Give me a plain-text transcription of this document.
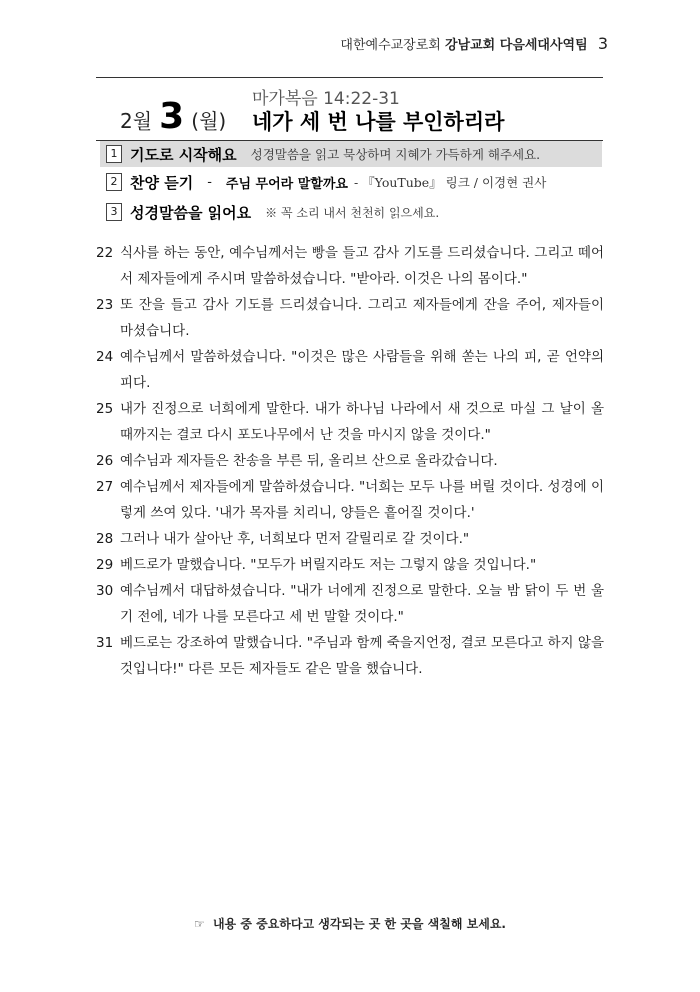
대한예수교장로회 강남교회 다음세대사역팀 3
2월 3 (월)
마가복음 14:22-31
네가 세 번 나를 부인하리라
1 기도로 시작해요 성경말씀을 읽고 묵상하며 지혜가 가득하게 해주세요.
2 찬양 듣기 - 주님 무어라 말할까요 - 『YouTube』 링크 / 이경현 권사
3 성경말씀을 읽어요 ※ 꼭 소리 내서 천천히 읽으세요.
22 식사를 하는 동안, 예수님께서는 빵을 들고 감사 기도를 드리셨습니다. 그리고 떼어서 제자들에게 주시며 말씀하셨습니다. "받아라. 이것은 나의 몸이다."
23 또 잔을 들고 감사 기도를 드리셨습니다. 그리고 제자들에게 잔을 주어, 제자들이 마셨습니다.
24 예수님께서 말씀하셨습니다. "이것은 많은 사람들을 위해 쏟는 나의 피, 곧 언약의 피다.
25 내가 진정으로 너희에게 말한다. 내가 하나님 나라에서 새 것으로 마실 그 날이 올 때까지는 결코 다시 포도나무에서 난 것을 마시지 않을 것이다."
26 예수님과 제자들은 찬송을 부른 뒤, 올리브 산으로 올라갔습니다.
27 예수님께서 제자들에게 말씀하셨습니다. "너희는 모두 나를 버릴 것이다. 성경에 이렇게 쓰여 있다. '내가 목자를 치리니, 양들은 흩어질 것이다.'
28 그러나 내가 살아난 후, 너희보다 먼저 갈릴리로 갈 것이다."
29 베드로가 말했습니다. "모두가 버릴지라도 저는 그렇지 않을 것입니다."
30 예수님께서 대답하셨습니다. "내가 너에게 진정으로 말한다. 오늘 밤 닭이 두 번 울기 전에, 네가 나를 모른다고 세 번 말할 것이다."
31 베드로는 강조하여 말했습니다. "주님과 함께 죽을지언정, 결코 모른다고 하지 않을 것입니다!" 다른 모든 제자들도 같은 말을 했습니다.
☞ 내용 중 중요하다고 생각되는 곳 한 곳을 색칠해 보세요.
